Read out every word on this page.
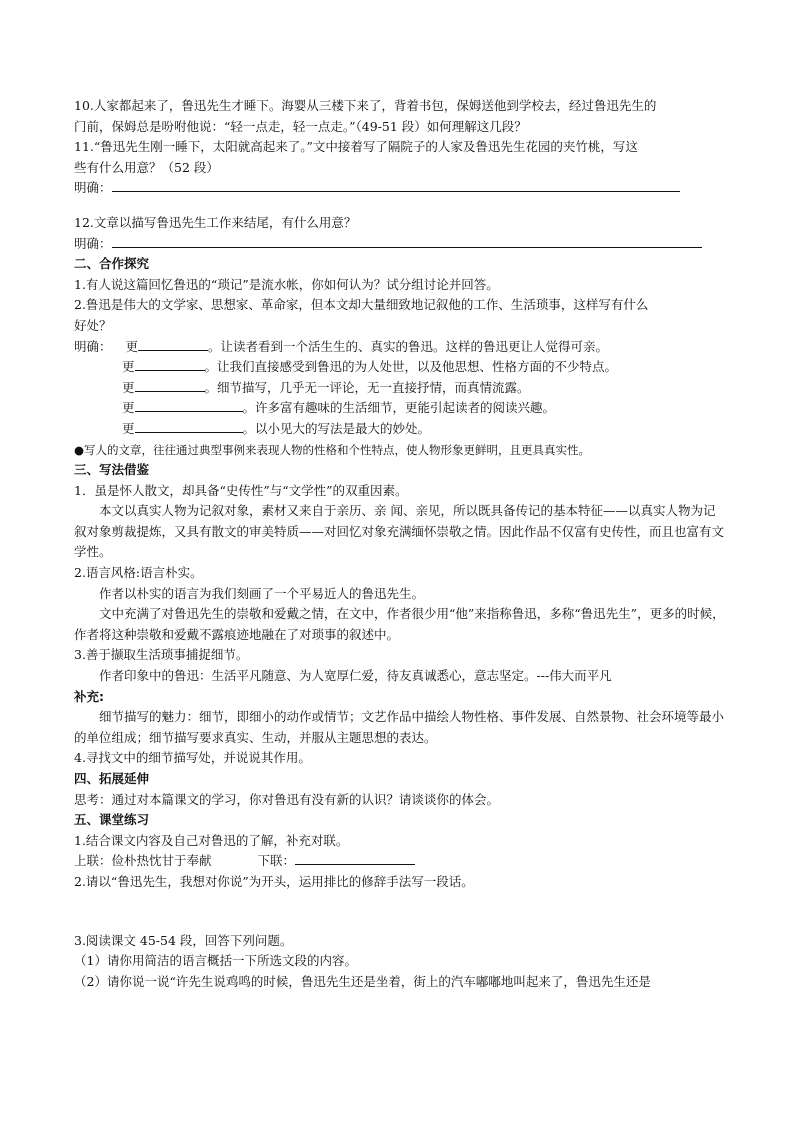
10.人家都起来了，鲁迅先生才睡下。海婴从三楼下来了，背着书包，保姆送他到学校去，经过鲁迅先生的
门前，保姆总是吩咐他说：“轻一点走，轻一点走。”（49-51 段）如何理解这几段？
11.“鲁迅先生刚一睡下，太阳就高起来了。”文中接着写了隔院子的人家及鲁迅先生花园的夹竹桃，写这
些有什么用意？（52 段）
明确：
12.文章以描写鲁迅先生工作来结尾，有什么用意？
明确：
二、合作探究
1.有人说这篇回忆鲁迅的“琐记”是流水帐，你如何认为？试分组讨论并回答。
2.鲁迅是伟大的文学家、思想家、革命家，但本文却大量细致地记叙他的工作、生活琐事，这样写有什么
好处？
明确： 更	。让读者看到一个活生生的、真实的鲁迅。这样的鲁迅更让人觉得可亲。
更	。让我们直接感受到鲁迅的为人处世，以及他思想、性格方面的不少特点。
更	。细节描写，几乎无一评论，无一直接抒情，而真情流露。
更	。许多富有趣味的生活细节，更能引起读者的阅读兴趣。
更	。以小见大的写法是最大的妙处。
●写人的文章，往往通过典型事例来表现人物的性格和个性特点，使人物形象更鲜明，且更具真实性。
三、写法借鉴
1．虽是怀人散文，却具备“史传性”与“文学性”的双重因素。
本文以真实人物为记叙对象，素材又来自于亲历、亲 闻、亲见，所以既具备传记的基本特征——以真实人物为记叙对象剪裁提炼，又具有散文的审美特质——对回忆对象充满缅怀崇敬之情。因此作品不仅富有史传性，而且也富有文学性。
2.语言风格:语言朴实。
作者以朴实的语言为我们刻画了一个平易近人的鲁迅先生。
文中充满了对鲁迅先生的崇敬和爱戴之情，在文中，作者很少用“他”来指称鲁迅，多称“鲁迅先生”，更多的时候，作者将这种崇敬和爱戴不露痕迹地融在了对琐事的叙述中。
3.善于撷取生活琐事捕捉细节。
作者印象中的鲁迅：生活平凡随意、为人宽厚仁爱，待友真诚悉心，意志坚定。---伟大而平凡
补充:
细节描写的魅力：细节，即细小的动作或情节；文艺作品中描绘人物性格、事件发展、自然景物、社会环境等最小的单位组成；细节描写要求真实、生动，并服从主题思想的表达。
4.寻找文中的细节描写处，并说说其作用。
四、拓展延伸
思考：通过对本篇课文的学习，你对鲁迅有没有新的认识？请谈谈你的体会。
五、课堂练习
1.结合课文内容及自己对鲁迅的了解，补充对联。
上联：俭朴热忱甘于奉献	下联：
2.请以“鲁迅先生，我想对你说”为开头，运用排比的修辞手法写一段话。
3.阅读课文 45-54 段，回答下列问题。
（1）请你用简洁的语言概括一下所选文段的内容。
（2）请你说一说“许先生说鸡鸣的时候，鲁迅先生还是坐着，街上的汽车嘟嘟地叫起来了，鲁迅先生还是
